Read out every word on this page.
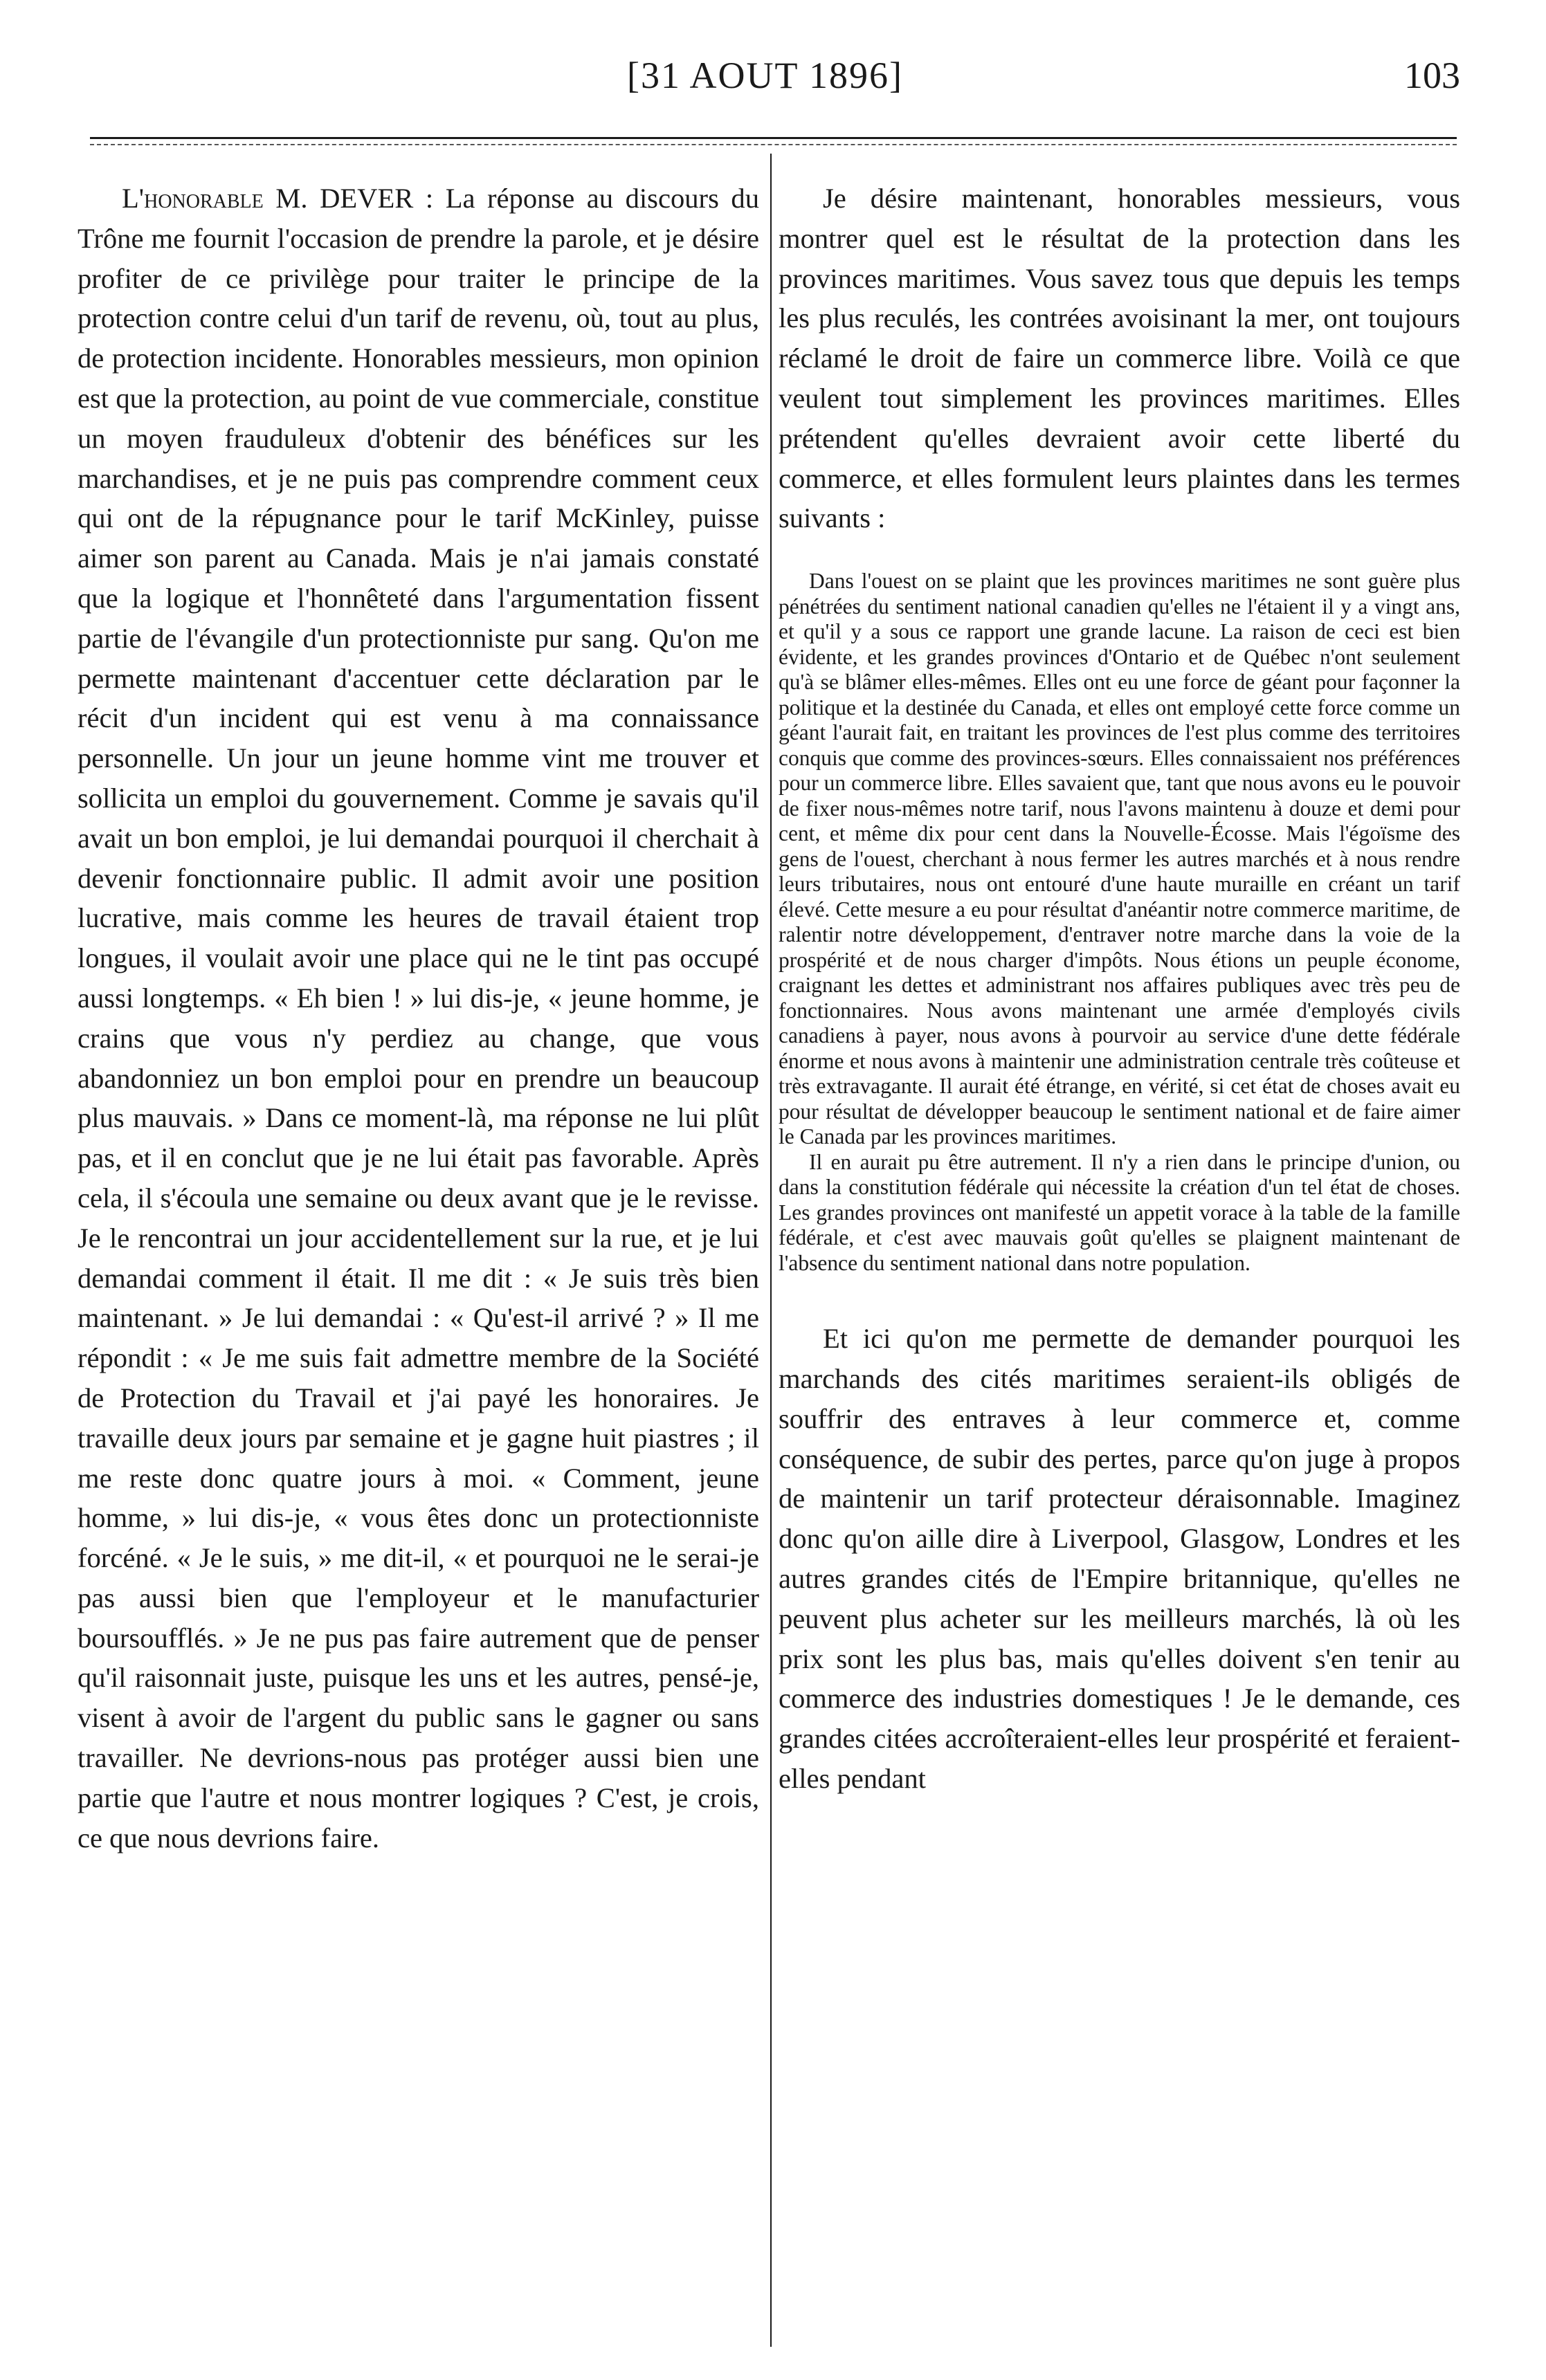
[31 AOUT 1896]	103

L'honorable M. DEVER : La réponse au discours du Trône me fournit l'occasion de prendre la parole, et je désire profiter de ce privilège pour traiter le principe de la protection contre celui d'un tarif de revenu, où, tout au plus, de protection incidente. Honorables messieurs, mon opinion est que la protection, au point de vue commerciale, constitue un moyen frauduleux d'obtenir des bénéfices sur les marchandises, et je ne puis pas comprendre comment ceux qui ont de la répugnance pour le tarif McKinley, puisse aimer son parent au Canada. Mais je n'ai jamais constaté que la logique et l'honnêteté dans l'argumentation fissent partie de l'évangile d'un protectionniste pur sang. Qu'on me permette maintenant d'accentuer cette déclaration par le récit d'un incident qui est venu à ma connaissance personnelle. Un jour un jeune homme vint me trouver et sollicita un emploi du gouvernement. Comme je savais qu'il avait un bon emploi, je lui demandai pourquoi il cherchait à devenir fonctionnaire public. Il admit avoir une position lucrative, mais comme les heures de travail étaient trop longues, il voulait avoir une place qui ne le tint pas occupé aussi longtemps. « Eh bien ! » lui dis-je, « jeune homme, je crains que vous n'y perdiez au change, que vous abandonniez un bon emploi pour en prendre un beaucoup plus mauvais. » Dans ce moment-là, ma réponse ne lui plût pas, et il en conclut que je ne lui était pas favorable. Après cela, il s'écoula une semaine ou deux avant que je le revisse. Je le rencontrai un jour accidentellement sur la rue, et je lui demandai comment il était. Il me dit : « Je suis très bien maintenant. » Je lui demandai : « Qu'est-il arrivé ? » Il me répondit : « Je me suis fait admettre membre de la Société de Protection du Travail et j'ai payé les honoraires. Je travaille deux jours par semaine et je gagne huit piastres ; il me reste donc quatre jours à moi. « Comment, jeune homme, » lui dis-je, « vous êtes donc un protectionniste forcéné. « Je le suis, » me dit-il, « et pourquoi ne le serai-je pas aussi bien que l'employeur et le manufacturier boursoufflés. » Je ne pus pas faire autrement que de penser qu'il raisonnait juste, puisque les uns et les autres, pensé-je, visent à avoir de l'argent du public sans le gagner ou sans travailler. Ne devrions-nous pas protéger aussi bien une partie que l'autre et nous montrer logiques ? C'est, je crois, ce que nous devrions faire.

Je désire maintenant, honorables messieurs, vous montrer quel est le résultat de la protection dans les provinces maritimes. Vous savez tous que depuis les temps les plus reculés, les contrées avoisinant la mer, ont toujours réclamé le droit de faire un commerce libre. Voilà ce que veulent tout simplement les provinces maritimes. Elles prétendent qu'elles devraient avoir cette liberté du commerce, et elles formulent leurs plaintes dans les termes suivants :

Dans l'ouest on se plaint que les provinces maritimes ne sont guère plus pénétrées du sentiment national canadien qu'elles ne l'étaient il y a vingt ans, et qu'il y a sous ce rapport une grande lacune. La raison de ceci est bien évidente, et les grandes provinces d'Ontario et de Québec n'ont seulement qu'à se blâmer elles-mêmes. Elles ont eu une force de géant pour façonner la politique et la destinée du Canada, et elles ont employé cette force comme un géant l'aurait fait, en traitant les provinces de l'est plus comme des territoires conquis que comme des provinces-sœurs. Elles connaissaient nos préférences pour un commerce libre. Elles savaient que, tant que nous avons eu le pouvoir de fixer nous-mêmes notre tarif, nous l'avons maintenu à douze et demi pour cent, et même dix pour cent dans la Nouvelle-Écosse. Mais l'égoïsme des gens de l'ouest, cherchant à nous fermer les autres marchés et à nous rendre leurs tributaires, nous ont entouré d'une haute muraille en créant un tarif élevé. Cette mesure a eu pour résultat d'anéantir notre commerce maritime, de ralentir notre développement, d'entraver notre marche dans la voie de la prospérité et de nous charger d'impôts. Nous étions un peuple économe, craignant les dettes et administrant nos affaires publiques avec très peu de fonctionnaires. Nous avons maintenant une armée d'employés civils canadiens à payer, nous avons à pourvoir au service d'une dette fédérale énorme et nous avons à maintenir une administration centrale très coûteuse et très extravagante. Il aurait été étrange, en vérité, si cet état de choses avait eu pour résultat de développer beaucoup le sentiment national et de faire aimer le Canada par les provinces maritimes.

Il en aurait pu être autrement. Il n'y a rien dans le principe d'union, ou dans la constitution fédérale qui nécessite la création d'un tel état de choses. Les grandes provinces ont manifesté un appetit vorace à la table de la famille fédérale, et c'est avec mauvais goût qu'elles se plaignent maintenant de l'absence du sentiment national dans notre population.

Et ici qu'on me permette de demander pourquoi les marchands des cités maritimes seraient-ils obligés de souffrir des entraves à leur commerce et, comme conséquence, de subir des pertes, parce qu'on juge à propos de maintenir un tarif protecteur déraisonnable. Imaginez donc qu'on aille dire à Liverpool, Glasgow, Londres et les autres grandes cités de l'Empire britannique, qu'elles ne peuvent plus acheter sur les meilleurs marchés, là où les prix sont les plus bas, mais qu'elles doivent s'en tenir au commerce des industries domestiques ! Je le demande, ces grandes citées accroîteraient-elles leur prospérité et feraient-elles pendant
